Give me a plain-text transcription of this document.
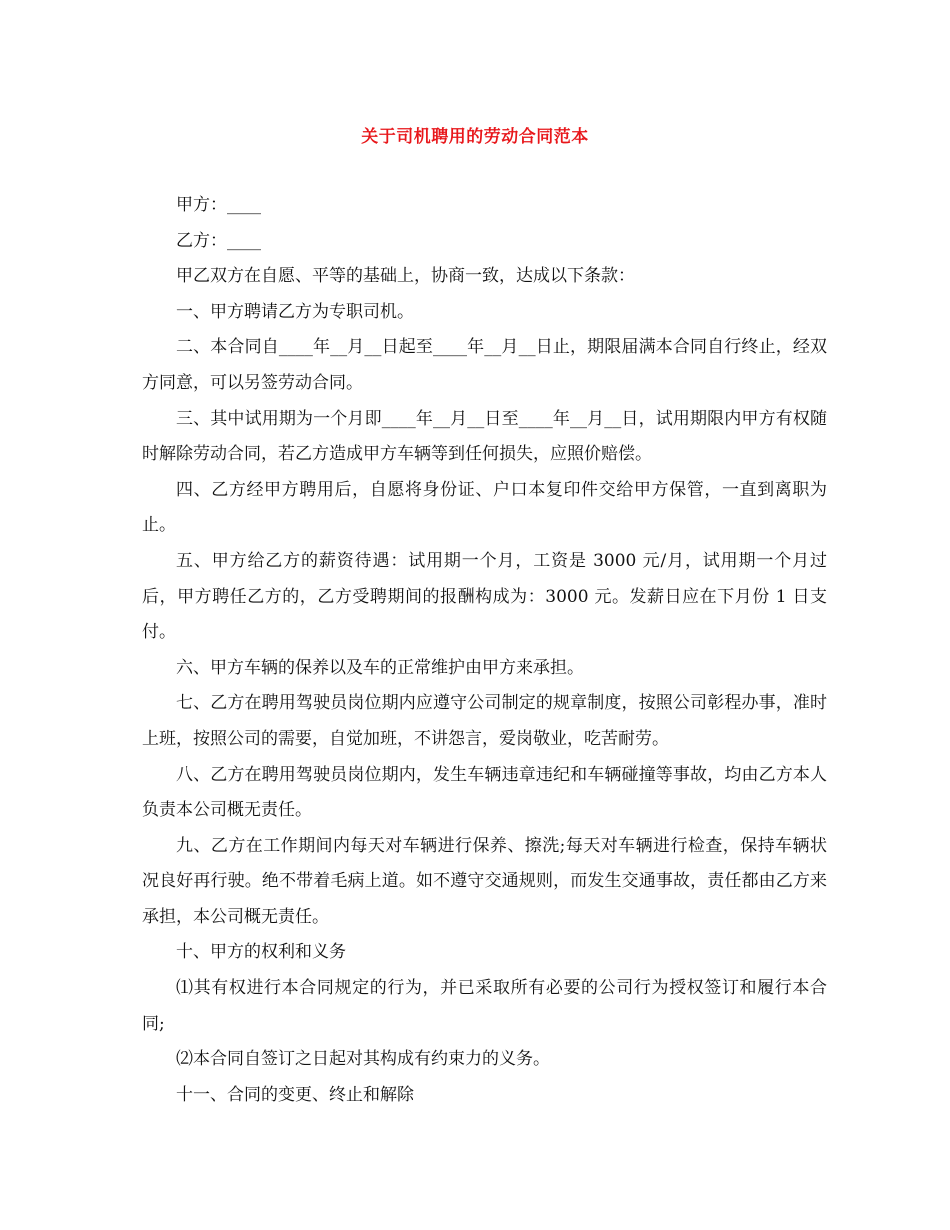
关于司机聘用的劳动合同范本

甲方：____

乙方：____

甲乙双方在自愿、平等的基础上，协商一致，达成以下条款：

一、甲方聘请乙方为专职司机。

二、本合同自____年__月__日起至____年__月__日止，期限届满本合同自行终止，经双方同意，可以另签劳动合同。

三、其中试用期为一个月即____年__月__日至____年__月__日，试用期限内甲方有权随时解除劳动合同，若乙方造成甲方车辆等到任何损失，应照价赔偿。

四、乙方经甲方聘用后，自愿将身份证、户口本复印件交给甲方保管，一直到离职为止。

五、甲方给乙方的薪资待遇：试用期一个月，工资是 3000 元/月，试用期一个月过后，甲方聘任乙方的，乙方受聘期间的报酬构成为：3000 元。发薪日应在下月份 1 日支付。

六、甲方车辆的保养以及车的正常维护由甲方来承担。

七、乙方在聘用驾驶员岗位期内应遵守公司制定的规章制度，按照公司彰程办事，准时上班，按照公司的需要，自觉加班，不讲怨言，爱岗敬业，吃苦耐劳。

八、乙方在聘用驾驶员岗位期内，发生车辆违章违纪和车辆碰撞等事故，均由乙方本人负责本公司概无责任。

九、乙方在工作期间内每天对车辆进行保养、擦洗;每天对车辆进行检查，保持车辆状况良好再行驶。绝不带着毛病上道。如不遵守交通规则，而发生交通事故，责任都由乙方来承担，本公司概无责任。

十、甲方的权利和义务

⑴其有权进行本合同规定的行为，并已采取所有必要的公司行为授权签订和履行本合同;

⑵本合同自签订之日起对其构成有约束力的义务。

十一、合同的变更、终止和解除
